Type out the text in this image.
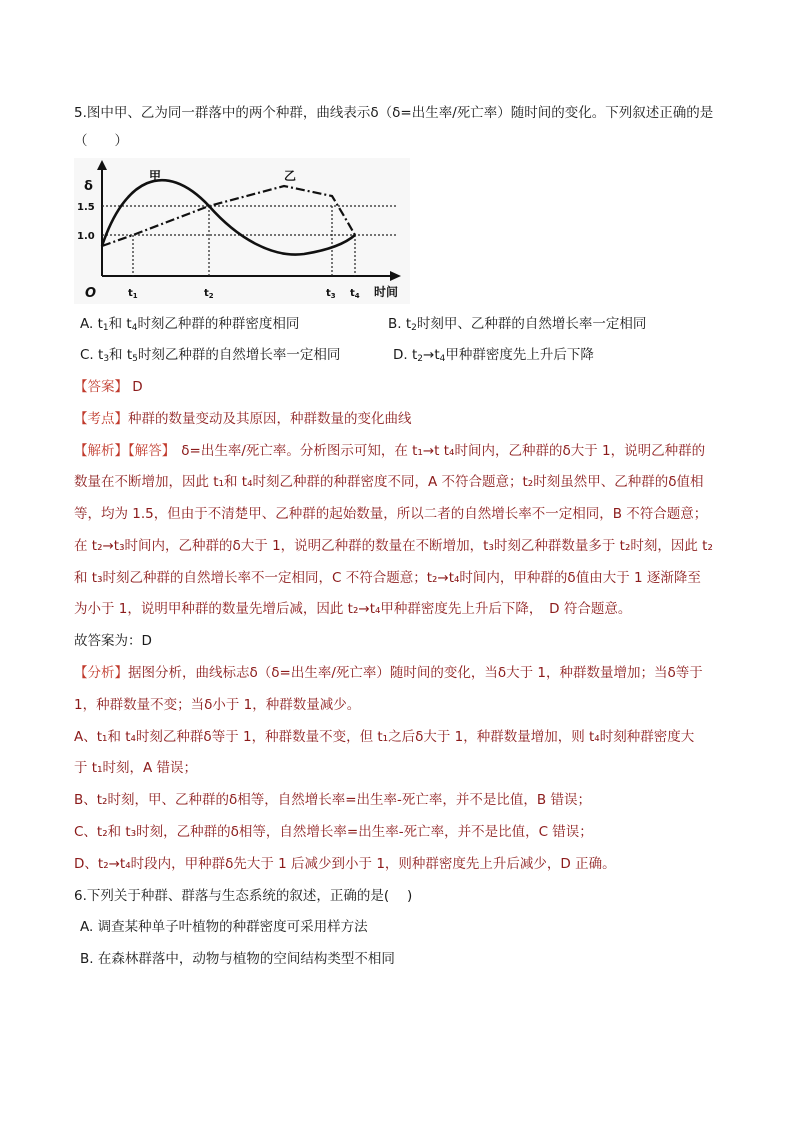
5.图中甲、乙为同一群落中的两个种群，曲线表示δ（δ=出生率/死亡率）随时间的变化。下列叙述正确的是
（　　）
δ
1.5
1.0
O	时间
甲	乙
$t_1$	$t_2$	$t_3$ $t_4$
A. $t_1$和 $t_4$时刻乙种群的种群密度相同	B. $t_2$时刻甲、乙种群的自然增长率一定相同
C. $t_3$和 $t_5$时刻乙种群的自然增长率一定相同	D. $t_2\to t_4$甲种群密度先上升后下降
【答案】 D
【考点】种群的数量变动及其原因，种群数量的变化曲线
【解析】【解答】 δ=出生率/死亡率。分析图示可知，在 t₁→t t₄时间内，乙种群的δ大于 1，说明乙种群的
数量在不断增加，因此 t₁和 t₄时刻乙种群的种群密度不同，A 不符合题意；t₂时刻虽然甲、乙种群的δ值相
等，均为 1.5，但由于不清楚甲、乙种群的起始数量，所以二者的自然增长率不一定相同，B 不符合题意；
在 t₂→t₃时间内，乙种群的δ大于 1，说明乙种群的数量在不断增加，t₃时刻乙种群数量多于 t₂时刻，因此 t₂
和 t₃时刻乙种群的自然增长率不一定相同，C 不符合题意；t₂→t₄时间内，甲种群的δ值由大于 1 逐渐降至
为小于 1，说明甲种群的数量先增后减，因此 t₂→t₄甲种群密度先上升后下降，　D 符合题意。
故答案为：D
【分析】据图分析，曲线标志δ（δ=出生率/死亡率）随时间的变化，当δ大于 1，种群数量增加；当δ等于
1，种群数量不变；当δ小于 1，种群数量减少。
A、t₁和 t₄时刻乙种群δ等于 1，种群数量不变，但 t₁之后δ大于 1，种群数量增加，则 t₄时刻种群密度大
于 t₁时刻，A 错误；
B、t₂时刻，甲、乙种群的δ相等，自然增长率=出生率-死亡率，并不是比值，B 错误；
C、t₂和 t₃时刻，乙种群的δ相等，自然增长率=出生率-死亡率，并不是比值，C 错误；
D、t₂→t₄时段内，甲种群δ先大于 1 后减少到小于 1，则种群密度先上升后减少，D 正确。
6.下列关于种群、群落与生态系统的叙述，正确的是(　 )
A. 调查某种单子叶植物的种群密度可采用样方法
B. 在森林群落中，动物与植物的空间结构类型不相同
